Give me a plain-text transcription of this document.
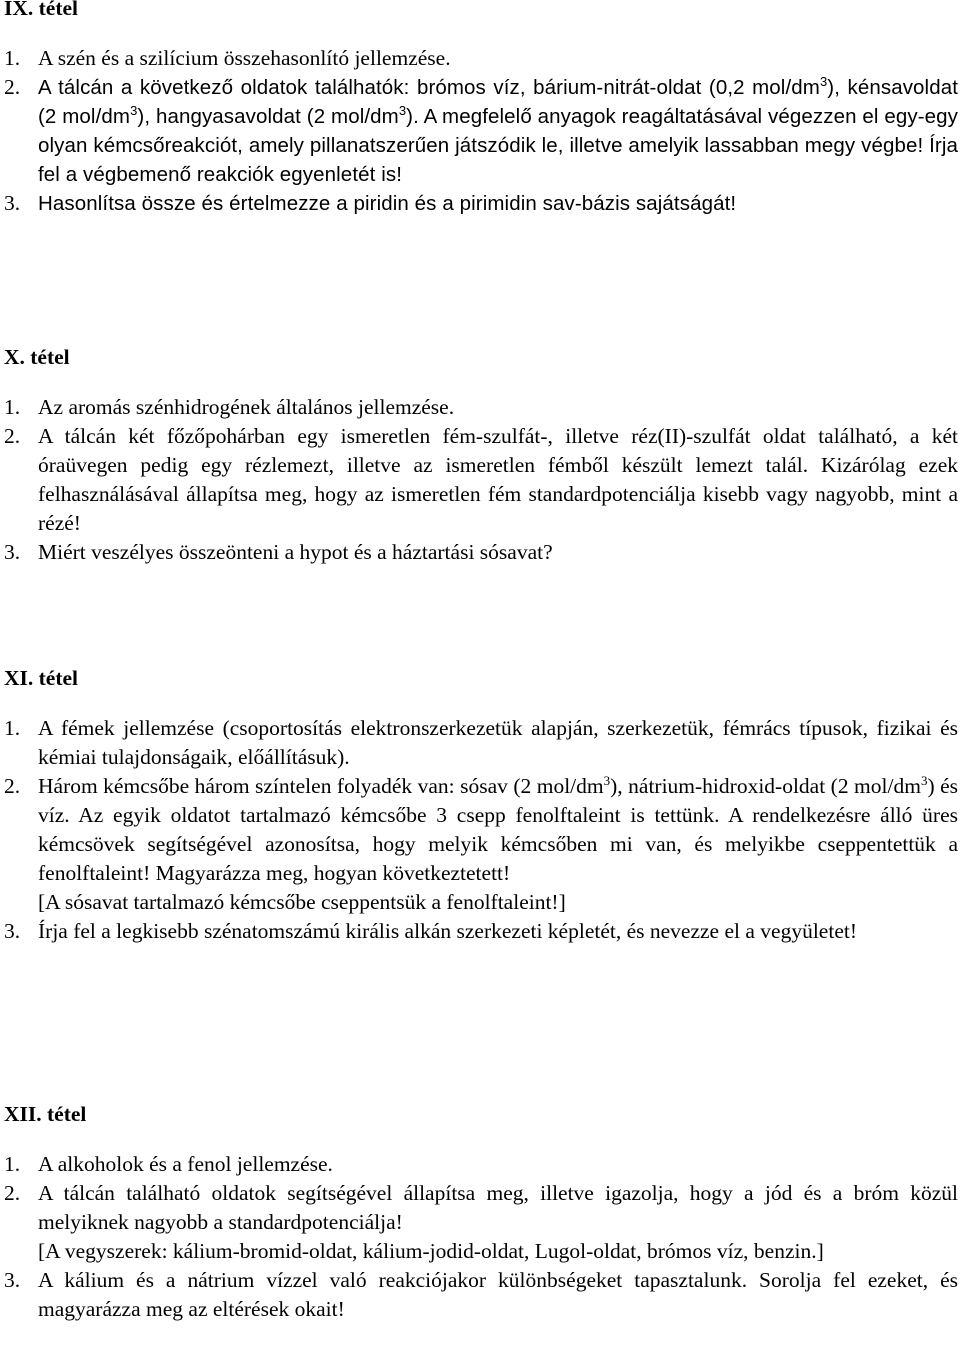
IX. tétel
1. A szén és a szilícium összehasonlító jellemzése.
2. A tálcán a következő oldatok találhatók: brómos víz, bárium-nitrát-oldat (0,2 mol/$dm^3$), kénsavoldat (2 mol/$dm^3$), hangyasavoldat (2 mol/$dm^3$). A megfelelő anyagok reagáltatásával végezzen el egy-egy olyan kémcsőreakciót, amely pillanatszerűen játszódik le, illetve amelyik lassabban megy végbe! Írja fel a végbemenő reakciók egyenletét is!
3. Hasonlítsa össze és értelmezze a piridin és a pirimidin sav-bázis sajátságát!
X. tétel
1. Az aromás szénhidrogének általános jellemzése.
2. A tálcán két főzőpohárban egy ismeretlen fém-szulfát-, illetve réz(II)-szulfát oldat található, a két óraüvegen pedig egy rézlemezt, illetve az ismeretlen fémből készült lemezt talál. Kizárólag ezek felhasználásával állapítsa meg, hogy az ismeretlen fém standardpotenciálja kisebb vagy nagyobb, mint a rézé!
3. Miért veszélyes összeönteni a hypot és a háztartási sósavat?
XI. tétel
1. A fémek jellemzése (csoportosítás elektronszerkezetük alapján, szerkezetük, fémrács típusok, fizikai és kémiai tulajdonságaik, előállításuk).
2. Három kémcsőbe három színtelen folyadék van: sósav (2 mol/$dm^3$), nátrium-hidroxid-oldat (2 mol/$dm^3$) és víz. Az egyik oldatot tartalmazó kémcsőbe 3 csepp fenolftaleint is tettünk. A rendelkezésre álló üres kémcsövek segítségével azonosítsa, hogy melyik kémcsőben mi van, és melyikbe cseppentettük a fenolftaleint! Magyarázza meg, hogyan következtetett!
[A sósavat tartalmazó kémcsőbe cseppentsük a fenolftaleint!]
3. Írja fel a legkisebb szénatomszámú királis alkán szerkezeti képletét, és nevezze el a vegyületet!
XII. tétel
1. A alkoholok és a fenol jellemzése.
2. A tálcán található oldatok segítségével állapítsa meg, illetve igazolja, hogy a jód és a bróm közül melyiknek nagyobb a standardpotenciálja!
[A vegyszerek: kálium-bromid-oldat, kálium-jodid-oldat, Lugol-oldat, brómos víz, benzin.]
3. A kálium és a nátrium vízzel való reakciójakor különbségeket tapasztalunk. Sorolja fel ezeket, és magyarázza meg az eltérések okait!
